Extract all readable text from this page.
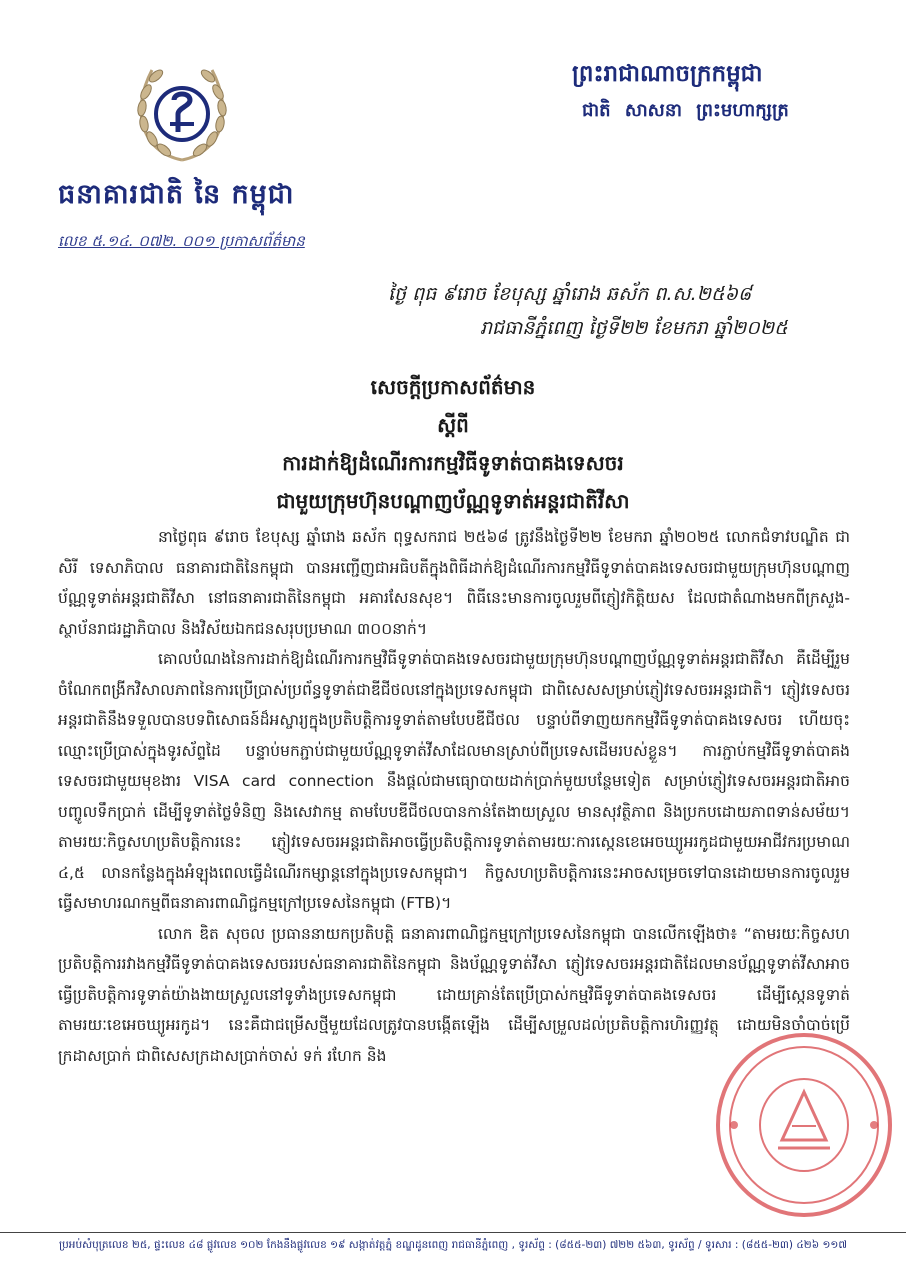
ធនាគារជាតិ នៃ កម្ពុជា
លេខ ៥.១៤. ០៧២. ០០១ ប្រកាសព័ត៌មាន
ព្រះរាជាណាចក្រកម្ពុជា
ជាតិ សាសនា ព្រះមហាក្សត្រ
ថ្ងៃ ពុធ ៩រោច ខែបុស្ស ឆ្នាំរោង ឆស័ក ព.ស.២៥៦៨
រាជធានីភ្នំពេញ ថ្ងៃទី២២ ខែមករា ឆ្នាំ២០២៥
សេចក្តីប្រកាសព័ត៌មាន
ស្តីពី
ការដាក់ឱ្យដំណើរការកម្មវិធីទូទាត់បាគងទេសចរ
ជាមួយក្រុមហ៊ុនបណ្តាញប័ណ្ណទូទាត់អន្តរជាតិវីសា

នាថ្ងៃពុធ ៩រោច ខែបុស្ស ឆ្នាំរោង ឆស័ក ពុទ្ធសករាជ ២៥៦៨ ត្រូវនឹងថ្ងៃទី២២ ខែមករា ឆ្នាំ២០២៥ លោកជំទាវបណ្ឌិត ជា សិរី ទេសាភិបាល ធនាគារជាតិនៃកម្ពុជា បានអញ្ជើញជាអធិបតីក្នុងពិធីដាក់ឱ្យដំណើរការកម្មវិធីទូទាត់បាគងទេសចរជាមួយក្រុមហ៊ុនបណ្តាញប័ណ្ណទូទាត់អន្តរជាតិវីសា នៅធនាគារជាតិនៃកម្ពុជា អគារសែនសុខ។ ពិធីនេះមានការចូលរួមពីភ្ញៀវកិត្តិយស ដែលជាតំណាងមកពីក្រសួង-ស្ថាប័នរាជរដ្ឋាភិបាល និងវិស័យឯកជនសរុបប្រមាណ ៣០០នាក់។

គោលបំណងនៃការដាក់ឱ្យដំណើរការកម្មវិធីទូទាត់បាគងទេសចរជាមួយក្រុមហ៊ុនបណ្តាញប័ណ្ណទូទាត់អន្តរជាតិវីសា គឺដើម្បីរួមចំណែកពង្រីកវិសាលភាពនៃការប្រើប្រាស់ប្រព័ន្ធទូទាត់ជាឌីជីថលនៅក្នុងប្រទេសកម្ពុជា ជាពិសេសសម្រាប់ភ្ញៀវទេសចរអន្តរជាតិ។ ភ្ញៀវទេសចរអន្តរជាតិនឹងទទួលបានបទពិសោធន៍ដ៏អស្ចារ្យក្នុងប្រតិបត្តិការទូទាត់តាមបែបឌីជីថល បន្ទាប់ពីទាញយកកម្មវិធីទូទាត់បាគងទេសចរ ហើយចុះឈ្មោះប្រើប្រាស់ក្នុងទូរស័ព្ទដៃ បន្ទាប់មកភ្ជាប់ជាមួយប័ណ្ណទូទាត់វីសាដែលមានស្រាប់ពីប្រទេសដើមរបស់ខ្លួន។ ការភ្ជាប់កម្មវិធីទូទាត់បាគងទេសចរជាមួយមុខងារ VISA card connection នឹងផ្តល់ជាមធ្យោបាយដាក់ប្រាក់មួយបន្ថែមទៀត សម្រាប់ភ្ញៀវទេសចរអន្តរជាតិអាចបញ្ចូលទឹកប្រាក់ ដើម្បីទូទាត់ថ្លៃទំនិញ និងសេវាកម្ម តាមបែបឌីជីថលបានកាន់តែងាយស្រួល មានសុវត្ថិភាព និងប្រកបដោយភាពទាន់សម័យ។ តាមរយៈកិច្ចសហប្រតិបត្តិការនេះ ភ្ញៀវទេសចរអន្តរជាតិអាចធ្វើប្រតិបត្តិការទូទាត់តាមរយៈការស្កេនខេអេចឃ្យូអរកូដជាមួយអាជីវករប្រមាណ ៤,៥ លានកន្លែងក្នុងអំឡុងពេលធ្វើដំណើរកម្សាន្តនៅក្នុងប្រទេសកម្ពុជា។ កិច្ចសហប្រតិបត្តិការនេះអាចសម្រេចទៅបានដោយមានការចូលរួមធ្វើសមាហរណកម្មពីធនាគារពាណិជ្ជកម្មក្រៅប្រទេសនៃកម្ពុជា (FTB)។

លោក ឌិត សុចល ប្រធាននាយកប្រតិបត្តិ ធនាគារពាណិជ្ជកម្មក្រៅប្រទេសនៃកម្ពុជា បានលើកឡើងថា៖ “តាមរយៈកិច្ចសហប្រតិបត្តិការរវាងកម្មវិធីទូទាត់បាគងទេសចររបស់ធនាគារជាតិនៃកម្ពុជា និងប័ណ្ណទូទាត់វីសា ភ្ញៀវទេសចរអន្តរជាតិដែលមានប័ណ្ណទូទាត់វីសាអាចធ្វើប្រតិបត្តិការទូទាត់យ៉ាងងាយស្រួលនៅទូទាំងប្រទេសកម្ពុជា ដោយគ្រាន់តែប្រើប្រាស់កម្មវិធីទូទាត់បាគងទេសចរ ដើម្បីស្កេនទូទាត់តាមរយៈខេអេចឃ្យូអរកូដ។ នេះគឺជាជម្រើសថ្មីមួយដែលត្រូវបានបង្កើតឡើង ដើម្បីសម្រួលដល់ប្រតិបត្តិការហិរញ្ញវត្ថុ ដោយមិនចាំបាច់ប្រើក្រដាសប្រាក់ ជាពិសេសក្រដាសប្រាក់ចាស់ ទក់ រហែក និង

ប្រអប់សំបុត្រលេខ ២៥, ផ្ទះលេខ ៤៨ ផ្លូវលេខ ១០២ កែងនឹងផ្លូវលេខ ១៩ សង្កាត់វត្តភ្នំ ខណ្ឌដូនពេញ រាជធានីភ្នំពេញ , ទូរស័ព្ទ : (៨៥៥-២៣) ៧២២ ៥៦៣, ទូរស័ព្ទ / ទូរសារ : (៨៥៥-២៣) ៤២៦ ១១៧
